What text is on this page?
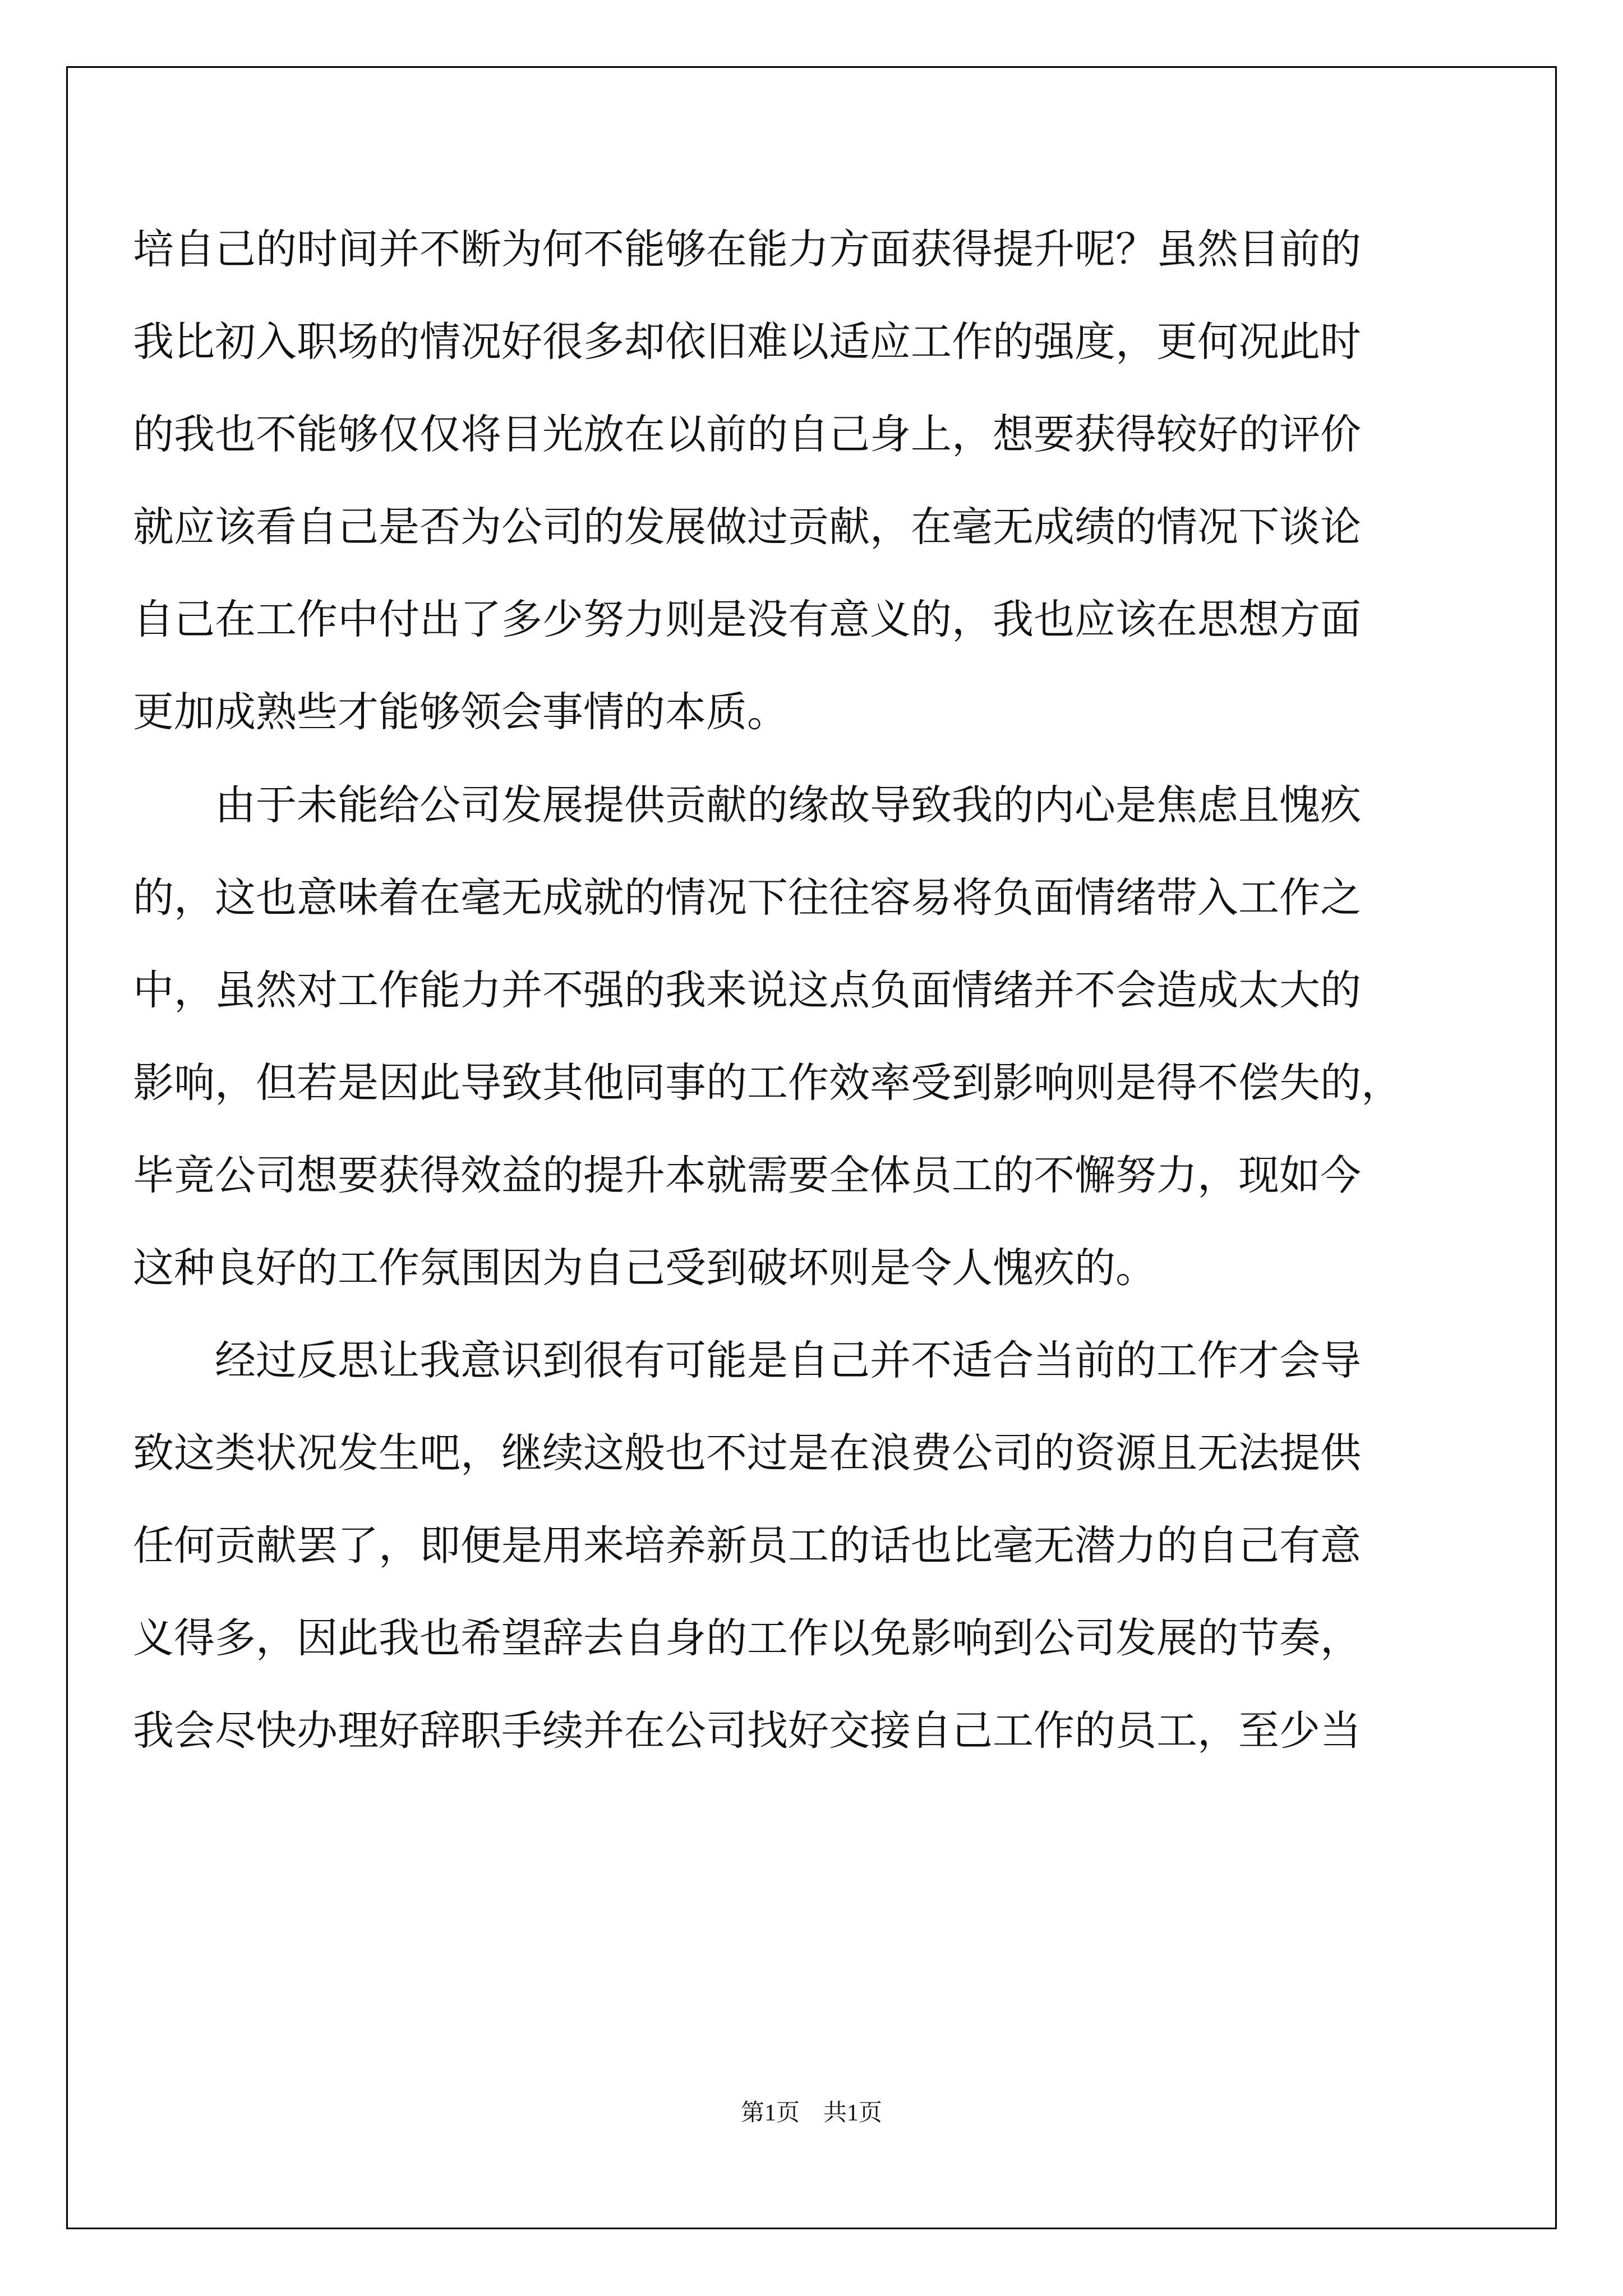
培自己的时间并不断为何不能够在能力方面获得提升呢？虽然目前的
我比初入职场的情况好很多却依旧难以适应工作的强度，更何况此时
的我也不能够仅仅将目光放在以前的自己身上，想要获得较好的评价
就应该看自己是否为公司的发展做过贡献，在毫无成绩的情况下谈论
自己在工作中付出了多少努力则是没有意义的，我也应该在思想方面
更加成熟些才能够领会事情的本质。
由于未能给公司发展提供贡献的缘故导致我的内心是焦虑且愧疚
的，这也意味着在毫无成就的情况下往往容易将负面情绪带入工作之
中，虽然对工作能力并不强的我来说这点负面情绪并不会造成太大的
影响，但若是因此导致其他同事的工作效率受到影响则是得不偿失的，
毕竟公司想要获得效益的提升本就需要全体员工的不懈努力，现如今
这种良好的工作氛围因为自己受到破坏则是令人愧疚的。
经过反思让我意识到很有可能是自己并不适合当前的工作才会导
致这类状况发生吧，继续这般也不过是在浪费公司的资源且无法提供
任何贡献罢了，即便是用来培养新员工的话也比毫无潜力的自己有意
义得多，因此我也希望辞去自身的工作以免影响到公司发展的节奏，
我会尽快办理好辞职手续并在公司找好交接自己工作的员工，至少当
第1页    共1页
